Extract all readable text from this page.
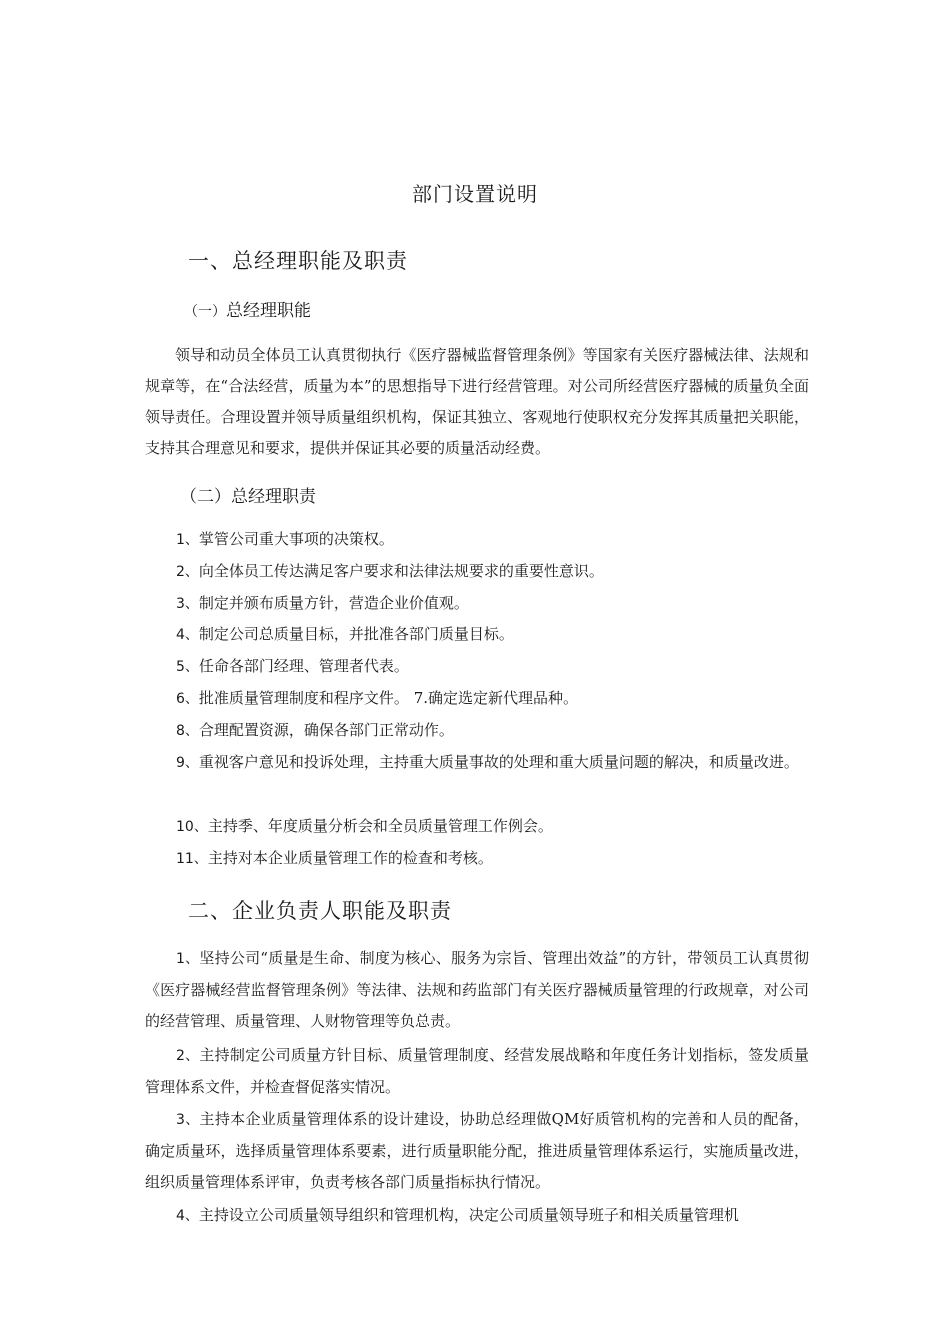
部门设置说明
一、总经理职能及职责
（一）总经理职能
领导和动员全体员工认真贯彻执行《医疗器械监督管理条例》等国家有关医疗器械法律、法规和规章等，在“合法经营，质量为本”的思想指导下进行经营管理。对公司所经营医疗器械的质量负全面领导责任。合理设置并领导质量组织机构，保证其独立、客观地行使职权充分发挥其质量把关职能，支持其合理意见和要求，提供并保证其必要的质量活动经费。
（二）总经理职责
1、掌管公司重大事项的决策权。
2、向全体员工传达满足客户要求和法律法规要求的重要性意识。
3、制定并颁布质量方针，营造企业价值观。
4、制定公司总质量目标，并批准各部门质量目标。
5、任命各部门经理、管理者代表。
6、批准质量管理制度和程序文件。 7.确定选定新代理品种。
8、合理配置资源，确保各部门正常动作。
9、重视客户意见和投诉处理，主持重大质量事故的处理和重大质量问题的解决，和质量改进。
10、主持季、年度质量分析会和全员质量管理工作例会。
11、主持对本企业质量管理工作的检查和考核。
二、企业负责人职能及职责
1、坚持公司“质量是生命、制度为核心、服务为宗旨、管理出效益”的方针，带领员工认真贯彻《医疗器械经营监督管理条例》等法律、法规和药监部门有关医疗器械质量管理的行政规章，对公司的经营管理、质量管理、人财物管理等负总责。
2、主持制定公司质量方针目标、质量管理制度、经营发展战略和年度任务计划指标，签发质量管理体系文件，并检查督促落实情况。
3、主持本企业质量管理体系的设计建设，协助总经理做QM好质管机构的完善和人员的配备，确定质量环，选择质量管理体系要素，进行质量职能分配，推进质量管理体系运行，实施质量改进，组织质量管理体系评审，负责考核各部门质量指标执行情况。
4、主持设立公司质量领导组织和管理机构，决定公司质量领导班子和相关质量管理机
